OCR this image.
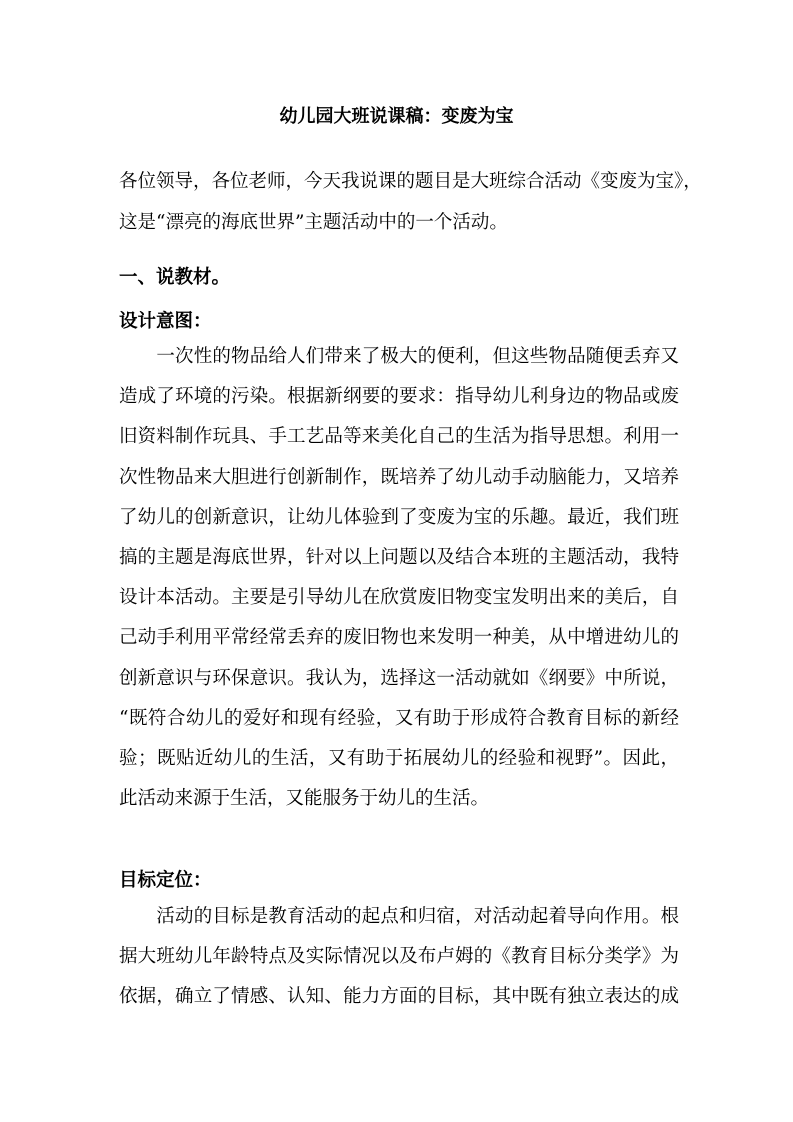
幼儿园大班说课稿：变废为宝
各位领导，各位老师，今天我说课的题目是大班综合活动《变废为宝》，
这是“漂亮的海底世界”主题活动中的一个活动。
一、说教材。
设计意图：
　　一次性的物品给人们带来了极大的便利，但这些物品随便丢弃又
造成了环境的污染。根据新纲要的要求：指导幼儿利身边的物品或废
旧资料制作玩具、手工艺品等来美化自己的生活为指导思想。利用一
次性物品来大胆进行创新制作，既培养了幼儿动手动脑能力，又培养
了幼儿的创新意识，让幼儿体验到了变废为宝的乐趣。最近，我们班
搞的主题是海底世界，针对以上问题以及结合本班的主题活动，我特
设计本活动。主要是引导幼儿在欣赏废旧物变宝发明出来的美后，自
己动手利用平常经常丢弃的废旧物也来发明一种美，从中增进幼儿的
创新意识与环保意识。我认为，选择这一活动就如《纲要》中所说，
“既符合幼儿的爱好和现有经验，又有助于形成符合教育目标的新经
验；既贴近幼儿的生活，又有助于拓展幼儿的经验和视野”。因此，
此活动来源于生活，又能服务于幼儿的生活。
目标定位：
　　活动的目标是教育活动的起点和归宿，对活动起着导向作用。根
据大班幼儿年龄特点及实际情况以及布卢姆的《教育目标分类学》为
依据，确立了情感、认知、能力方面的目标，其中既有独立表达的成
